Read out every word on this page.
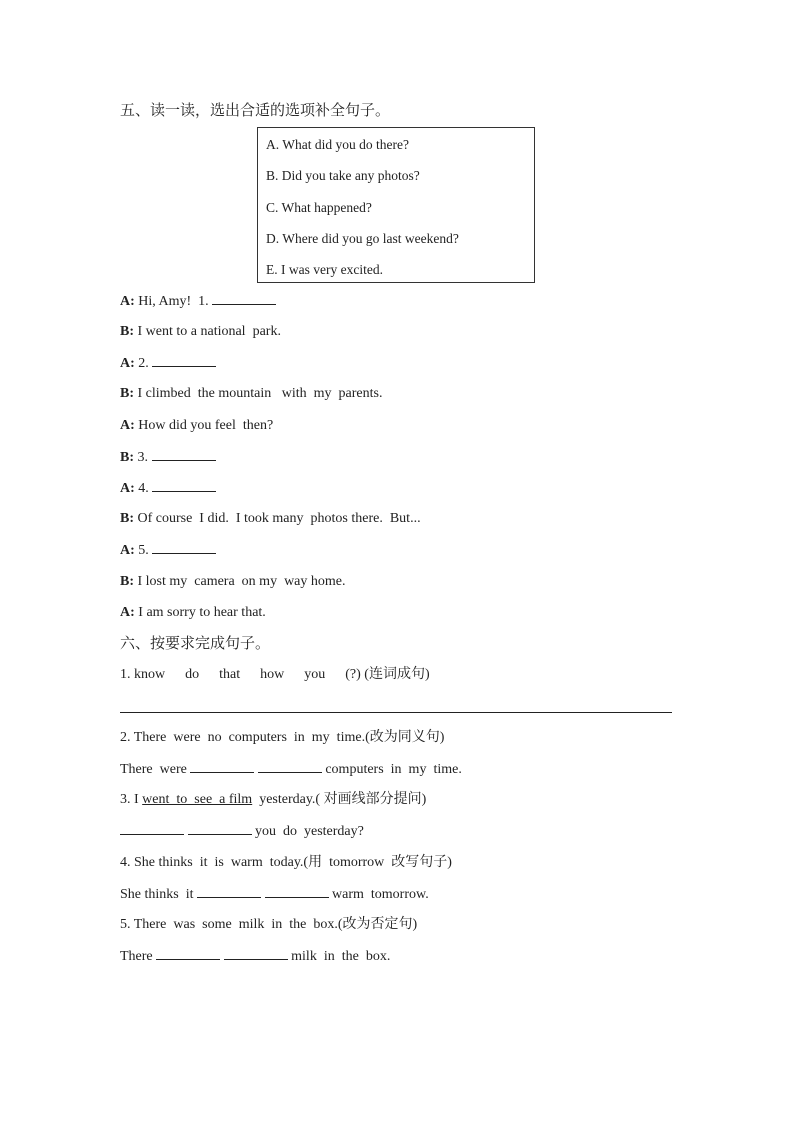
五、读一读，选出合适的选项补全句子。
A. What did you do there?
B. Did you take any photos?
C. What happened?
D. Where did you go last weekend?
E. I was very excited.
A: Hi, Amy!  1.
B: I went to a national  park.
A: 2.
B: I climbed  the mountain   with  my  parents.
A: How did you feel  then?
B: 3.
A: 4.
B: Of course  I did.  I took many  photos there.  But...
A: 5.
B: I lost my  camera  on my  way home.
A: I am sorry to hear that.
六、按要求完成句子。
1. know do that how you (?) (连词成句)
2. There  were  no  computers  in  my  time.(改为同义句)
There  were	computers  in  my  time.
3. I went  to  see  a film  yesterday.( 对画线部分提问)
you  do  yesterday?
4. She thinks  it  is  warm  today.(用  tomorrow  改写句子)
She thinks  it	warm  tomorrow.
5. There  was  some  milk  in  the  box.(改为否定句)
There	milk  in  the  box.
